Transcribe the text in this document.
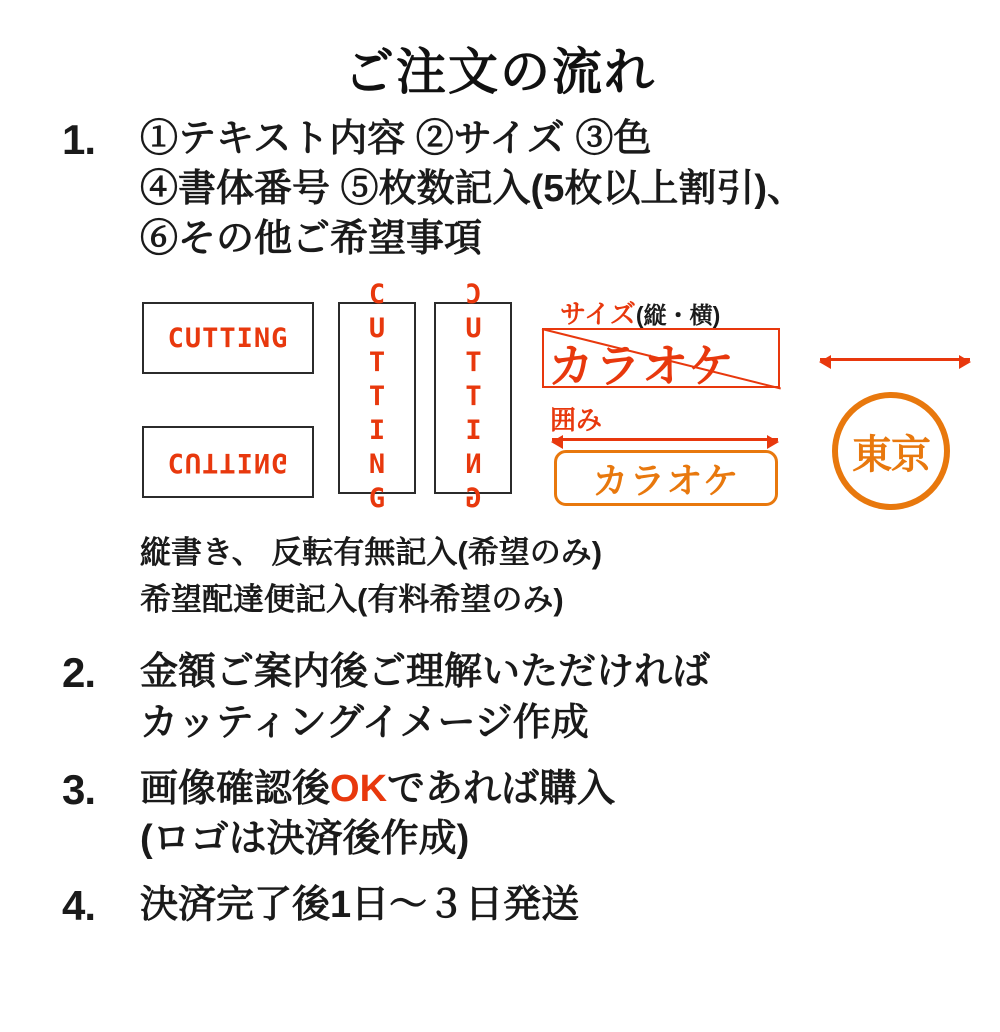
ご注文の流れ
1.	①テキスト内容 ②サイズ ③色
④書体番号 ⑤枚数記入(5枚以上割引)、
⑥その他ご希望事項
CUTTING
CUTTING	CUTTING CUTTING	サイズ(縦・横)
カラオケ
囲み
カラオケ
東京
縦書き、 反転有無記入(希望のみ)
希望配達便記入(有料希望のみ)
2.	金額ご案内後ご理解いただければ
カッティングイメージ作成
3.	画像確認後OKであれば購入
(ロゴは決済後作成)
4.	決済完了後1日〜３日発送
